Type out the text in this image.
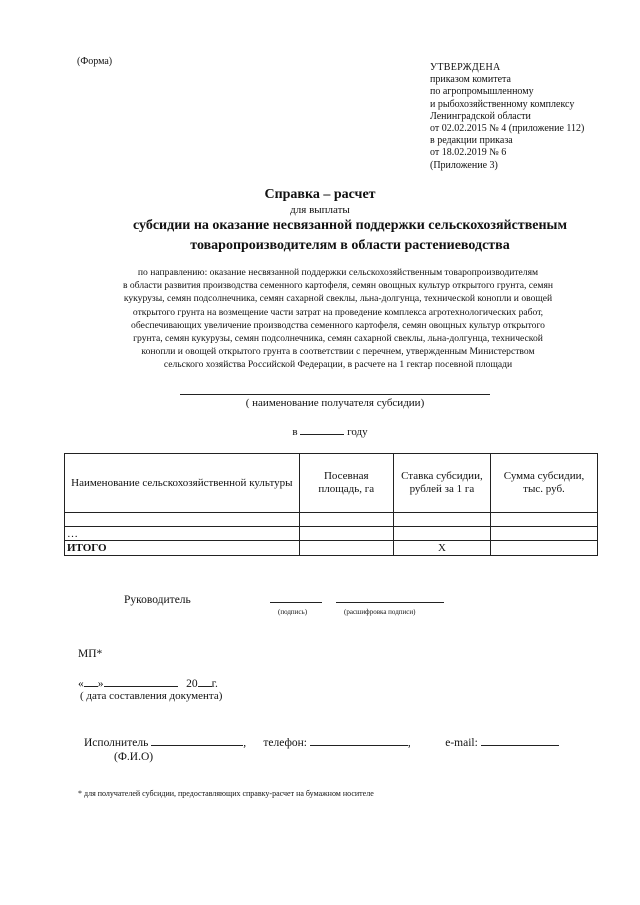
(Форма)
УТВЕРЖДЕНА
приказом комитета
по агропромышленному
и рыбохозяйственному комплексу
Ленинградской области
от 02.02.2015 № 4 (приложение 112)
в редакции приказа
от 18.02.2019 № 6
(Приложение 3)
Справка – расчет
для выплаты
субсидии на оказание несвязанной поддержки сельскохозяйственым
товаропроизводителям в области растениеводства
по направлению: оказание несвязанной поддержки сельскохозяйственным товаропроизводителям
в области развития производства семенного картофеля, семян овощных культур открытого грунта, семян
кукурузы, семян подсолнечника, семян сахарной свеклы, льна-долгунца, технической конопли и овощей
открытого грунта на возмещение части затрат на проведение комплекса агротехнологических работ,
обеспечивающих увеличение производства семенного картофеля, семян овощных культур открытого
грунта, семян кукурузы, семян подсолнечника, семян сахарной свеклы, льна-долгунца, технической
конопли и овощей открытого грунта в соответствии с перечнем, утвержденным Министерством
сельского хозяйства Российской Федерации, в расчете на 1 гектар посевной площади
( наименование получателя субсидии)
в	году
Наименование сельскохозяйственной культуры	Посевная площадь, га	Ставка субсидии, рублей за 1 га	Сумма субсидии, тыс. руб.

…			
ИТОГО		Х	
Руководитель
(подпись)	(расшифровка подписи)
МП*
« »	20 г.
( дата составления документа)
Исполнитель	,      телефон:	,            e-mail:
(Ф.И.О)
* для получателей субсидии, предоставляющих справку-расчет на бумажном носителе
